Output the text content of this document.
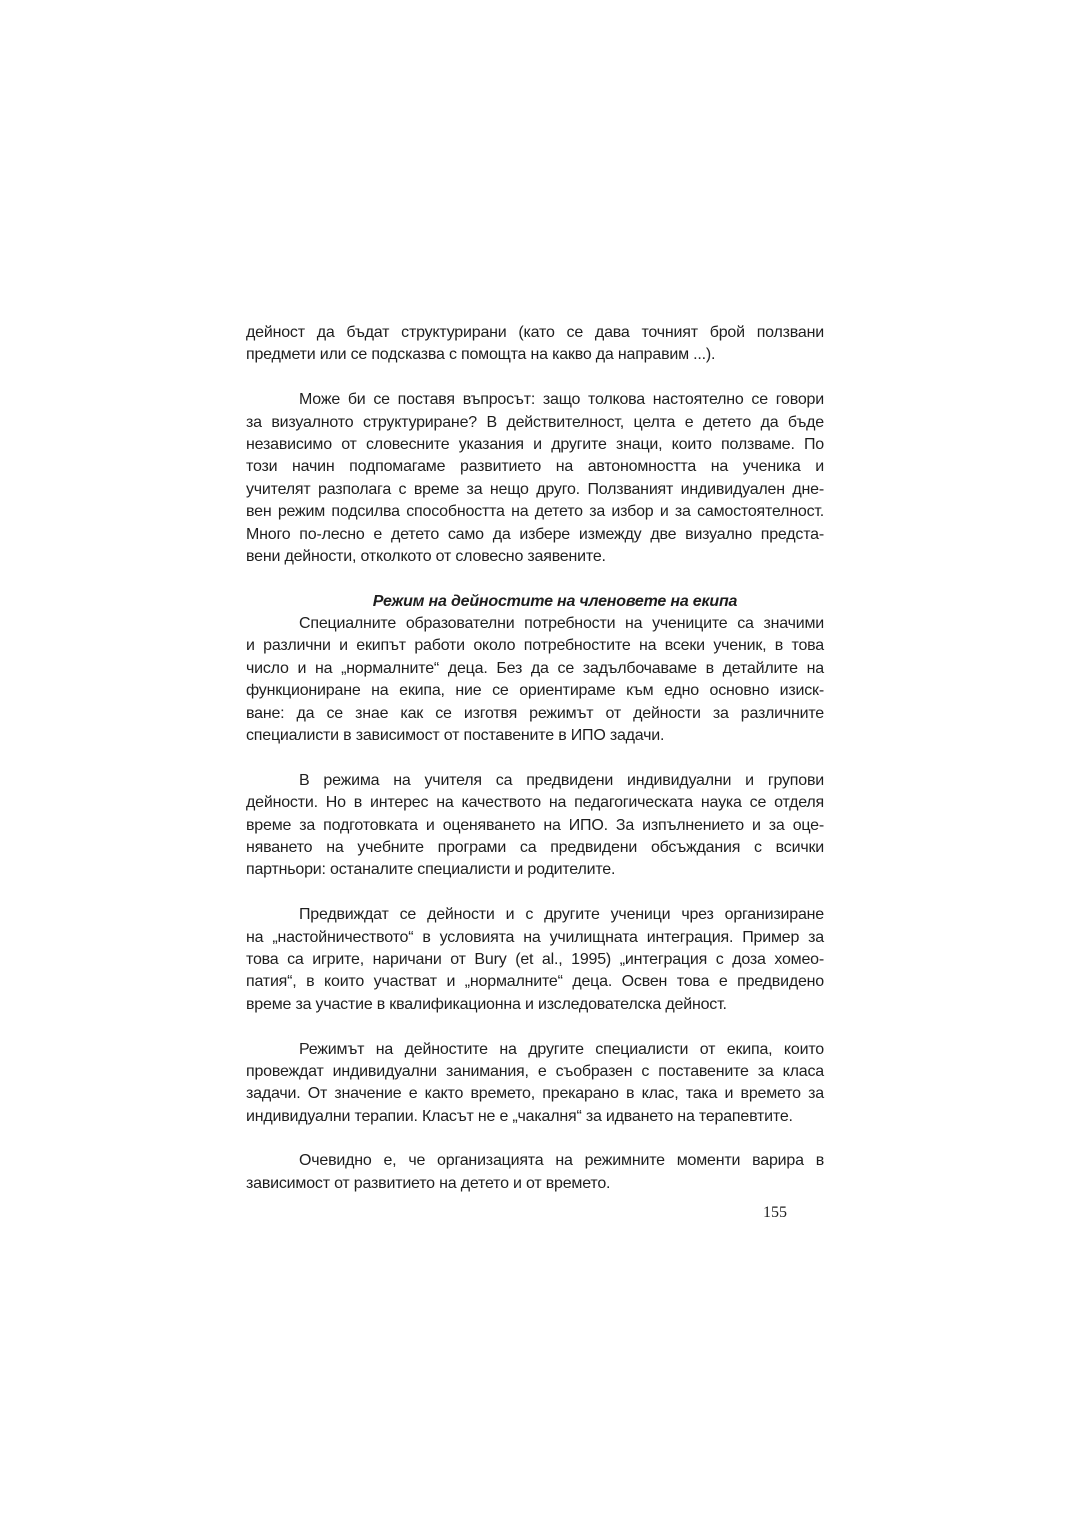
дейност да бъдат структурирани (като се дава точният брой ползвани
предмети или се подсказва с помощта на какво да направим ...).
Може би се поставя въпросът: защо толкова настоятелно се говори
за визуалното структуриране? В действителност, целта е детето да бъде
независимо от словесните указания и другите знаци, които ползваме. По
този начин подпомагаме развитието на автономността на ученика и
учителят разполага с време за нещо друго. Ползваният индивидуален днe-
вен режим подсилва способността на детето за избор и за самостоятелност.
Много по-лесно е детето само да избере измежду две визуално предста-
вени дейности, отколкото от словесно заявените.
Режим на дейностите на членовете на екипа
Специалните образователни потребности на учениците са значими
и различни и екипът работи около потребностите на всеки ученик, в това
число и на „нормалните“ деца. Без да се задълбочаваме в детайлите на
функциониране на екипа, ние се ориентираме към едно основно изиск-
ване: да се знае как се изготвя режимът от дейности за различните
специалисти в зависимост от поставените в ИПО задачи.
В режима на учителя са предвидени индивидуални и групови
дейности. Но в интерес на качеството на педагогическата наука се отделя
време за подготовката и оценяването на ИПО. За изпълнението и за оце-
няването на учебните програми са предвидени обсъждания с всички
партньори: останалите специалисти и родителите.
Предвиждат се дейности и с другите ученици чрез организиране
на „настойничеството“ в условията на училищната интеграция. Пример за
това са игрите, наричани от Bury (et al., 1995) „интеграция с доза хомео-
патия“, в които участват и „нормалните“ деца. Освен това е предвидено
време за участие в квалификационна и изследователска дейност.
Режимът на дейностите на другите специалисти от екипа, които
провеждат индивидуални занимания, е съобразен с поставените за класа
задачи. От значение е както времето, прекарано в клас, така и времето за
индивидуални терапии. Класът не е „чакалня“ за идването на терапевтите.
Очевидно е, че организацията на режимните моменти варира в
зависимост от развитието на детето и от времето.
155
